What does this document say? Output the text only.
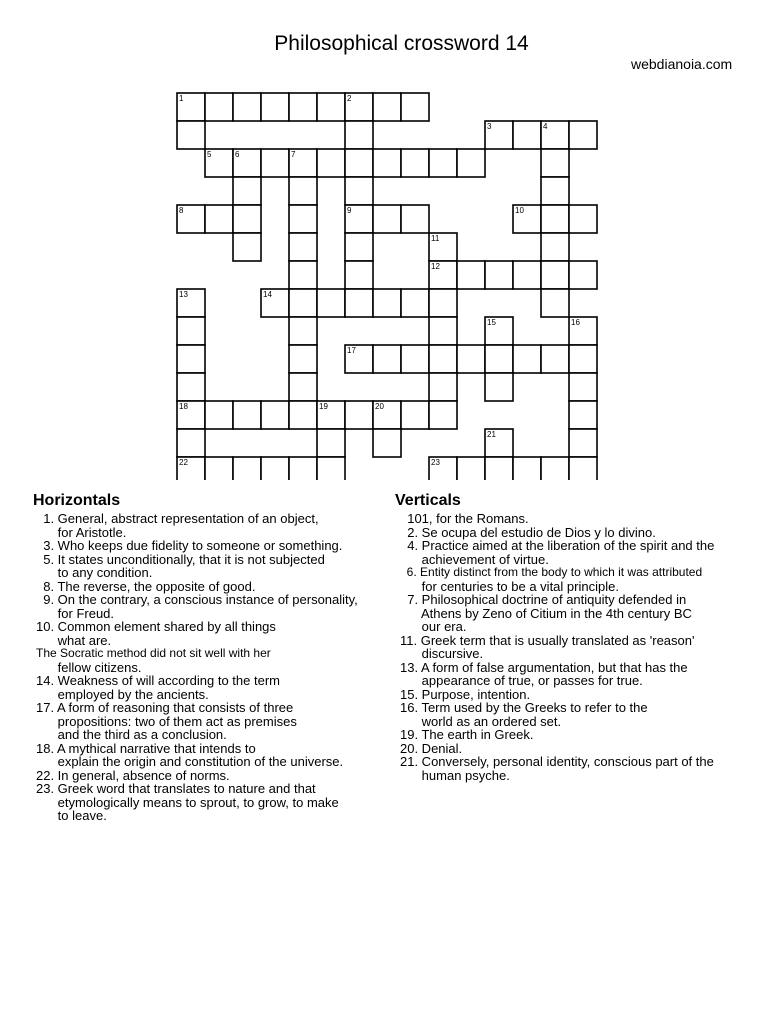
Philosophical crossword 14
webdianoia.com
1	2
3	4
5	6	7
8	9	10
11
12
13	14
15	16
17
18	19	20
21
22	23
Horizontals	Verticals
1. General, abstract representation of an object,
for Aristotle.
3. Who keeps due fidelity to someone or something.
5. It states unconditionally, that it is not subjected
to any condition.
8. The reverse, the opposite of good.
9. On the contrary, a conscious instance of personality,
for Freud.
10. Common element shared by all things
what are.
The Socratic method did not sit well with her
fellow citizens.
14. Weakness of will according to the term
employed by the ancients.
17. A form of reasoning that consists of three
propositions: two of them act as premises
and the third as a conclusion.
18. A mythical narrative that intends to
explain the origin and constitution of the universe.
22. In general, absence of norms.
23. Greek word that translates to nature and that
etymologically means to sprout, to grow, to make
to leave.
101, for the Romans.
2. Se ocupa del estudio de Dios y lo divino.
4. Practice aimed at the liberation of the spirit and the
achievement of virtue.
6. Entity distinct from the body to which it was attributed
for centuries to be a vital principle.
7. Philosophical doctrine of antiquity defended in
Athens by Zeno of Citium in the 4th century BC
our era.
11. Greek term that is usually translated as 'reason'
discursive.
13. A form of false argumentation, but that has the
appearance of true, or passes for true.
15. Purpose, intention.
16. Term used by the Greeks to refer to the
world as an ordered set.
19. The earth in Greek.
20. Denial.
21. Conversely, personal identity, conscious part of the
human psyche.
